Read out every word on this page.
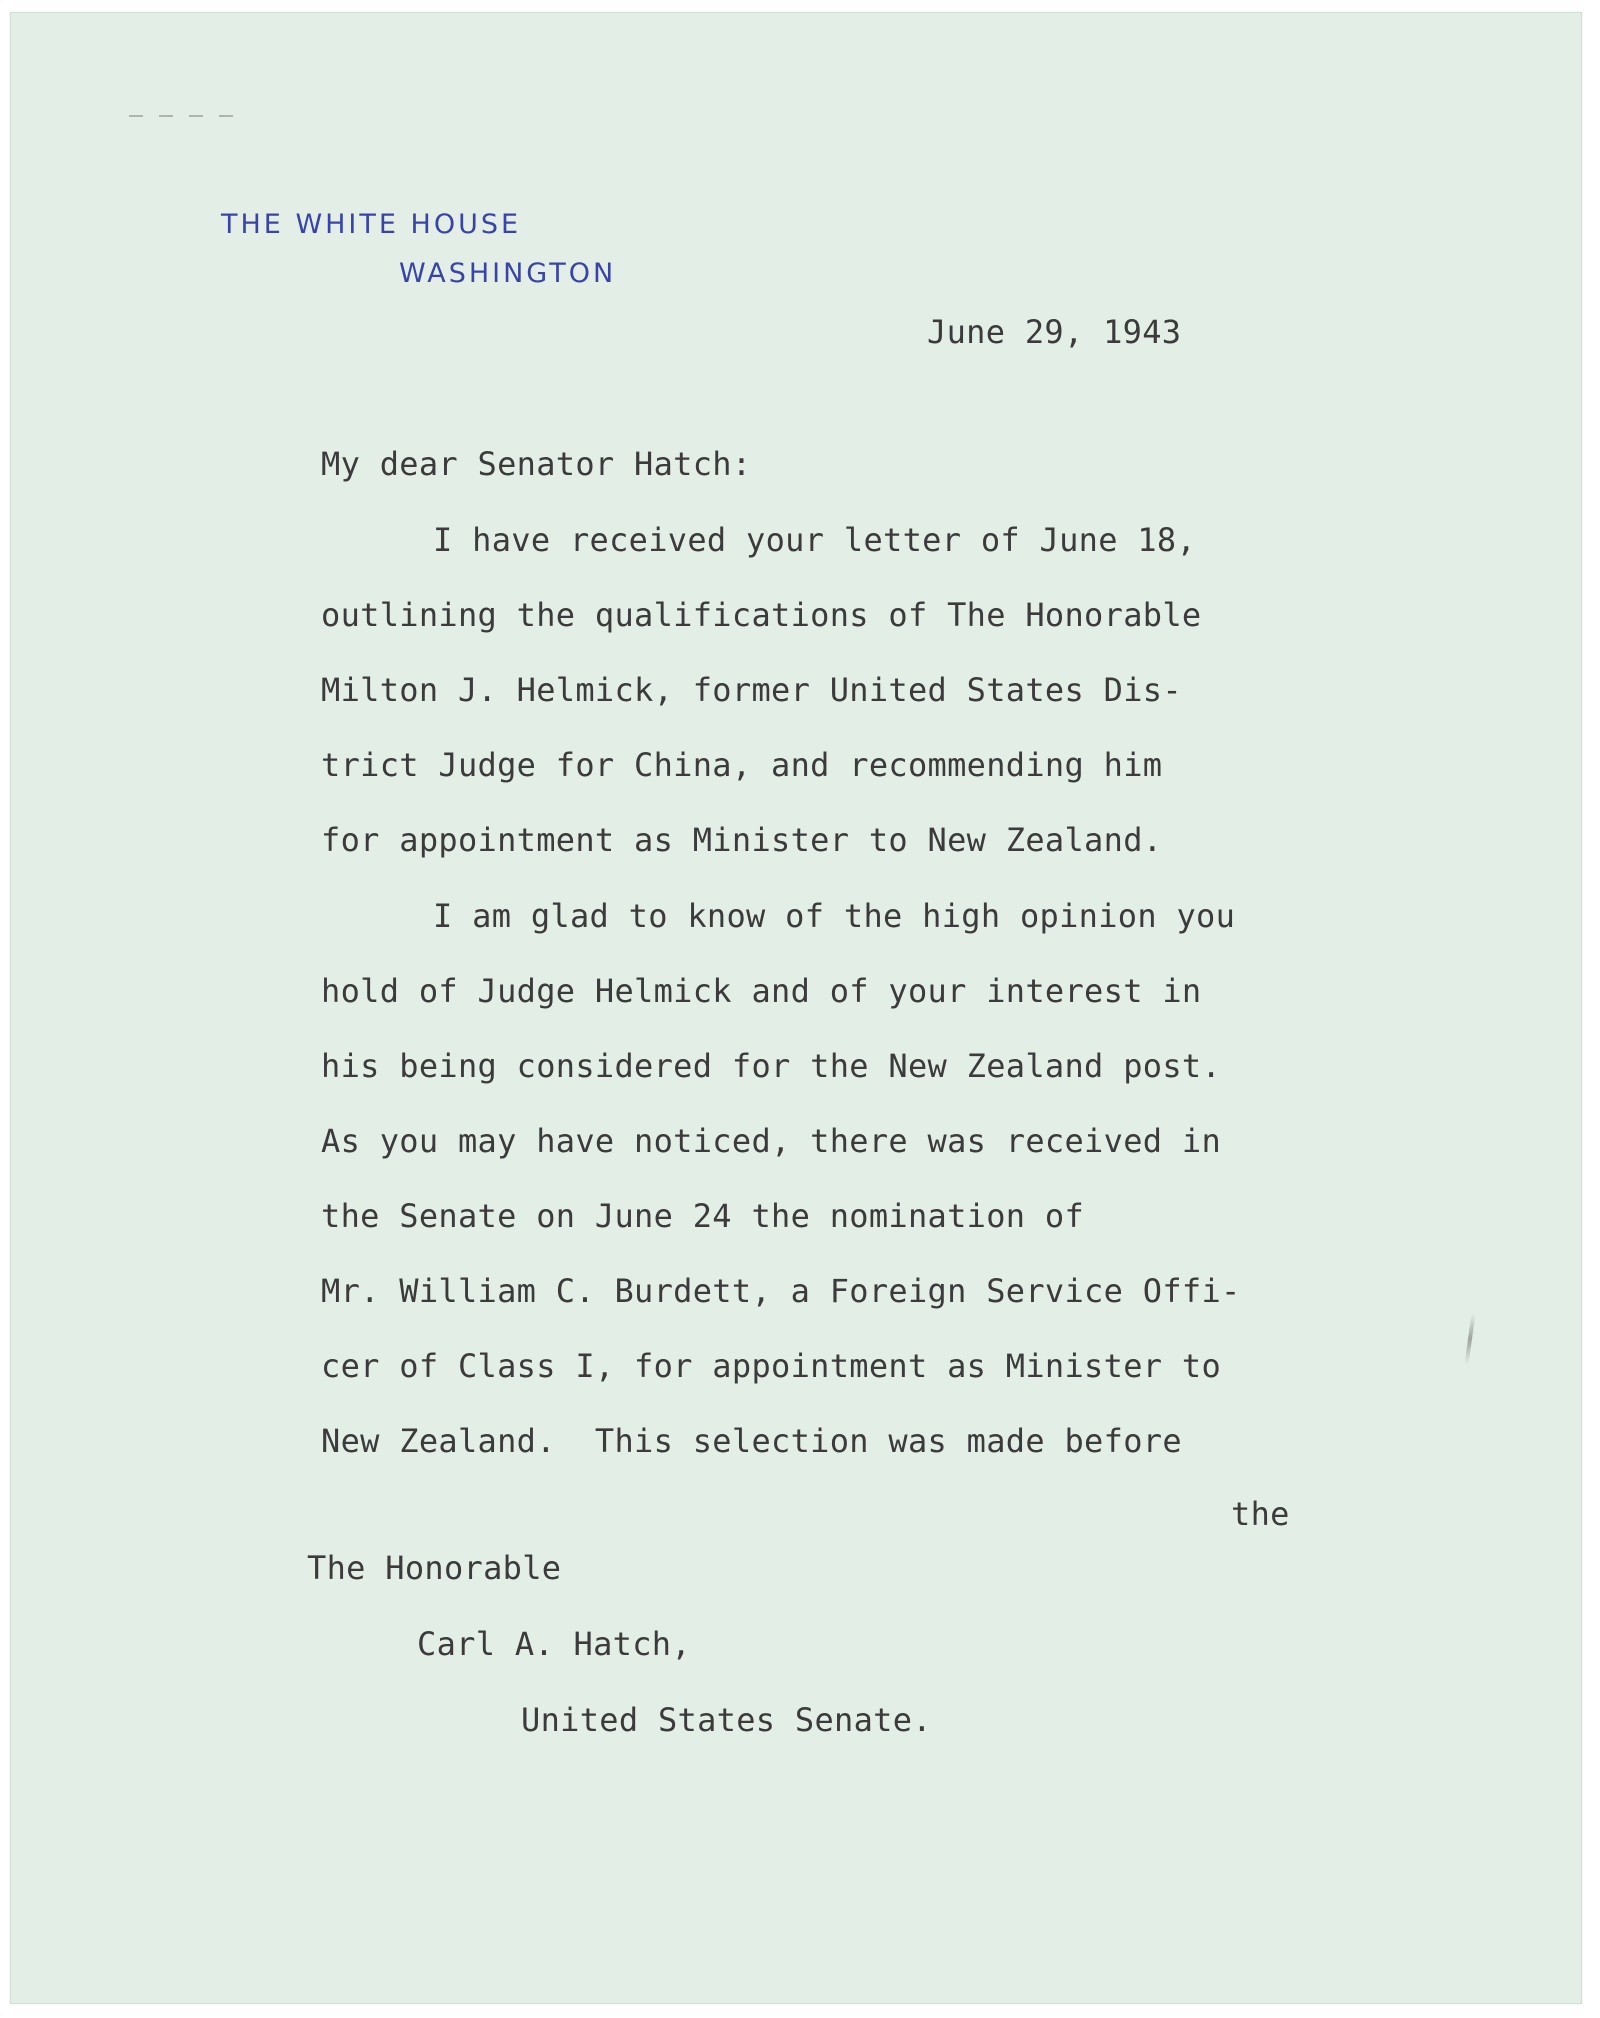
THE WHITE HOUSE
WASHINGTON
June 29, 1943
My dear Senator Hatch:
I have received your letter of June 18,
outlining the qualifications of The Honorable
Milton J. Helmick, former United States Dis-
trict Judge for China, and recommending him
for appointment as Minister to New Zealand.
I am glad to know of the high opinion you
hold of Judge Helmick and of your interest in
his being considered for the New Zealand post.
As you may have noticed, there was received in
the Senate on June 24 the nomination of
Mr. William C. Burdett, a Foreign Service Offi-
cer of Class I, for appointment as Minister to
New Zealand.  This selection was made before
the
The Honorable
Carl A. Hatch,
United States Senate.
